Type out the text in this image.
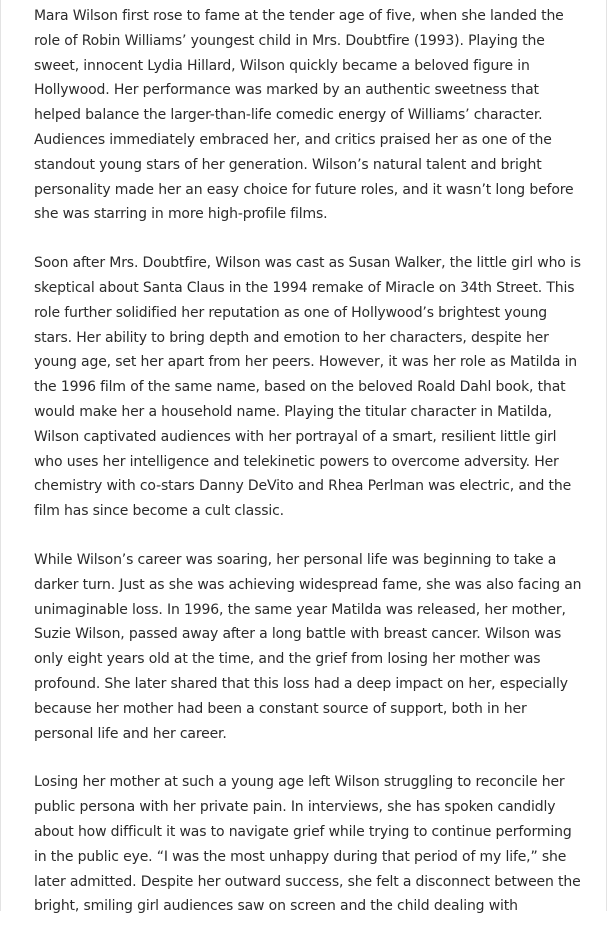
Mara Wilson first rose to fame at the tender age of five, when she landed the role of Robin Williams’ youngest child in Mrs. Doubtfire (1993). Playing the sweet, innocent Lydia Hillard, Wilson quickly became a beloved figure in Hollywood. Her performance was marked by an authentic sweetness that helped balance the larger-than-life comedic energy of Williams’ character. Audiences immediately embraced her, and critics praised her as one of the standout young stars of her generation. Wilson’s natural talent and bright personality made her an easy choice for future roles, and it wasn’t long before she was starring in more high-profile films.

Soon after Mrs. Doubtfire, Wilson was cast as Susan Walker, the little girl who is skeptical about Santa Claus in the 1994 remake of Miracle on 34th Street. This role further solidified her reputation as one of Hollywood’s brightest young stars. Her ability to bring depth and emotion to her characters, despite her young age, set her apart from her peers. However, it was her role as Matilda in the 1996 film of the same name, based on the beloved Roald Dahl book, that would make her a household name. Playing the titular character in Matilda, Wilson captivated audiences with her portrayal of a smart, resilient little girl who uses her intelligence and telekinetic powers to overcome adversity. Her chemistry with co-stars Danny DeVito and Rhea Perlman was electric, and the film has since become a cult classic.

While Wilson’s career was soaring, her personal life was beginning to take a darker turn. Just as she was achieving widespread fame, she was also facing an unimaginable loss. In 1996, the same year Matilda was released, her mother, Suzie Wilson, passed away after a long battle with breast cancer. Wilson was only eight years old at the time, and the grief from losing her mother was profound. She later shared that this loss had a deep impact on her, especially because her mother had been a constant source of support, both in her personal life and her career.

Losing her mother at such a young age left Wilson struggling to reconcile her public persona with her private pain. In interviews, she has spoken candidly about how difficult it was to navigate grief while trying to continue performing in the public eye. “I was the most unhappy during that period of my life,” she later admitted. Despite her outward success, she felt a disconnect between the bright, smiling girl audiences saw on screen and the child dealing with
